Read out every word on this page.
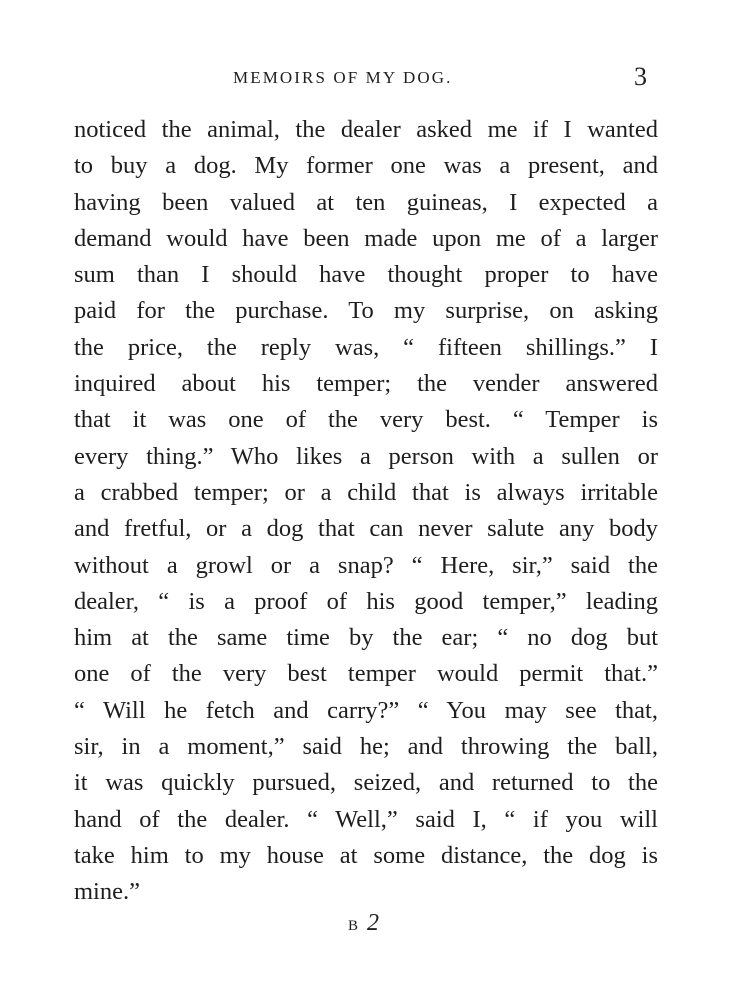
MEMOIRS OF MY DOG.	3
noticed the animal, the dealer asked me if I wanted
to buy a dog. My former one was a present, and
having been valued at ten guineas, I expected a
demand would have been made upon me of a larger
sum than I should have thought proper to have
paid for the purchase. To my surprise, on asking
the price, the reply was, “ fifteen shillings.” I
inquired about his temper; the vender answered
that it was one of the very best. “ Temper is
every thing.” Who likes a person with a sullen or
a crabbed temper; or a child that is always irritable
and fretful, or a dog that can never salute any body
without a growl or a snap? “ Here, sir,” said the
dealer, “ is a proof of his good temper,” leading
him at the same time by the ear; “ no dog but
one of the very best temper would permit that.”
“ Will he fetch and carry?” “ You may see that,
sir, in a moment,” said he; and throwing the ball,
it was quickly pursued, seized, and returned to the
hand of the dealer. “ Well,” said I, “ if you will
take him to my house at some distance, the dog is
mine.”
B 2
